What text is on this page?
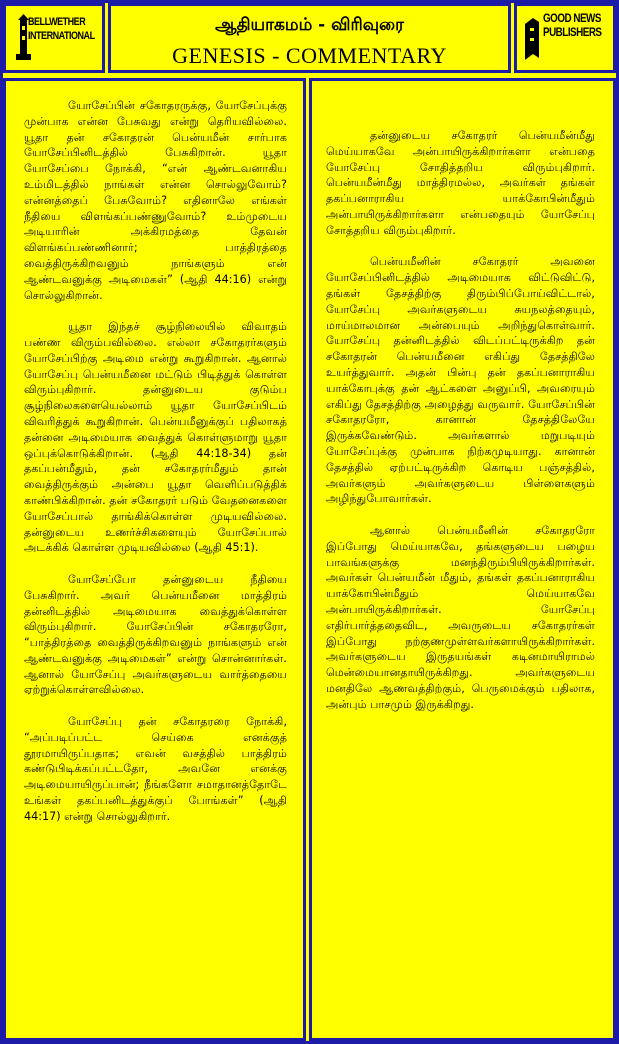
BELLWETHER
INTERNATIONAL
ஆதியாகமம் - விரிவுரை
GENESIS - COMMENTARY
GOOD NEWS
PUBLISHERS

யோசேப்பின் சகோதரருக்கு, யோசேப்புக்கு முன்பாக என்ன பேசுவது என்று தெரியவில்லை. யூதா தன் சகோதரன் பென்யமீன் சார்பாக யோசேப்பினிடத்தில் பேசுகிறான். யூதா யோசேப்பை நோக்கி, “என் ஆண்டவனாகிய உம்மிடத்தில் நாங்கள் என்ன சொல்லுவோம்? என்னத்தைப் பேசுவோம்? எதினாலே எங்கள் நீதியை விளங்கப்பண்ணுவோம்? உம்முடைய அடியாரின் அக்கிரமத்தை தேவன் விளங்கப்பண்ணினார்; பாத்திரத்தை வைத்திருக்கிறவனும் நாங்களும் என் ஆண்டவனுக்கு அடிமைகள்” (ஆதி 44:16) என்று சொல்லுகிறான்.

யூதா இந்தச் சூழ்நிலையில் விவாதம் பண்ண விரும்பவில்லை. எல்லா சகோதரர்களும் யோசேப்பிற்கு அடிமை என்று கூறுகிறான். ஆனால் யோசேப்பு பென்யமீனை மட்டும் பிடித்துக் கொள்ள விரும்புகிறார். தன்னுடைய குடும்ப சூழ்நிலைகளையெல்லாம் யூதா யோசேப்பிடம் விவரித்துக் கூறுகிறான். பென்யமீனுக்குப் பதிலாகத் தன்னை அடிமையாக வைத்துக் கொள்ளுமாறு யூதா ஒப்புக்கொடுக்கிறான். (ஆதி 44:18-34) தன் தகப்பன்மீதும், தன் சகோதரர்மீதும் தான் வைத்திருக்கும் அன்பை யூதா வெளிப்படுத்திக் காண்பிக்கிறான். தன் சகோதரர் படும் வேதனைகளை யோசேப்பால் தாங்கிக்கொள்ள முடியவில்லை. தன்னுடைய உணர்ச்சிகளையும் யோசேப்பால் அடக்கிக் கொள்ள முடியவில்லை (ஆதி 45:1).

யோசேப்போ தன்னுடைய நீதியை பேசுகிறார். அவர் பென்யமீனை மாத்திரம் தன்னிடத்தில் அடிமையாக வைத்துக்கொள்ள விரும்புகிறார். யோசேப்பின் சகோதரரோ, “பாத்திரத்தை வைத்திருக்கிறவனும் நாங்களும் என் ஆண்டவனுக்கு அடிமைகள்” என்று சொன்னார்கள். ஆனால் யோசேப்பு அவர்களுடைய வார்த்தையை ஏற்றுக்கொள்ளவில்லை.

யோசேப்பு தன் சகோதரரை நோக்கி, “அப்படிப்பட்ட செய்கை எனக்குத் தூரமாயிருப்பதாக; எவன் வசத்தில் பாத்திரம் கண்டுபிடிக்கப்பட்டதோ, அவனே எனக்கு அடிமையாயிருப்பான்; நீங்களோ சமாதானத்தோடே உங்கள் தகப்பனிடத்துக்குப் போங்கள்” (ஆதி 44:17) என்று சொல்லுகிறார்.

தன்னுடைய சகோதரர் பென்யமீன்மீது மெய்யாகவே அன்பாயிருக்கிறார்களா என்பதை யோசேப்பு சோதித்தறிய விரும்புகிறார். பென்யமீன்மீது மாத்திரமல்ல, அவர்கள் தங்கள் தகப்பனாராகிய யாக்கோபின்மீதும் அன்பாயிருக்கிறார்களா என்பதையும் யோசேப்பு சோத்தறிய விரும்புகிறார்.

பென்யமீனின் சகோதரர் அவனை யோசேப்பினிடத்தில் அடிமையாக விட்டுவிட்டு, தங்கள் தேசத்திற்கு திரும்பிப்போய்விட்டால், யோசேப்பு அவர்களுடைய சுயநலத்தையும், மாய்மாலமான அன்பையும் அறிந்துகொள்வார். யோசேப்பு தன்னிடத்தில் விடப்பட்டிருக்கிற தன் சகோதரன் பென்யமீனை எகிப்து தேசத்திலே உயர்த்துவார். அதன் பின்பு தன் தகப்பனாராகிய யாக்கோபுக்கு தன் ஆட்களை அனுப்பி, அவரையும் எகிப்து தேசத்திற்கு அழைத்து வருவார். யோசேப்பின் சகோதரரோ, கானான் தேசத்திலேயே இருக்கவேண்டும். அவர்களால் மறுபடியும் யோசேப்புக்கு முன்பாக நிற்கமுடியாது. கானான் தேசத்தில் ஏற்பட்டிருக்கிற கொடிய பஞ்சத்தில், அவர்களும் அவர்களுடைய பிள்ளைகளும் அழிந்துபோவார்கள்.

ஆனால் பென்யமீனின் சகோதரரோ இப்போது மெய்யாகவே, தங்களுடைய பழைய பாவங்களுக்கு மனந்திரும்பியிருக்கிறார்கள். அவர்கள் பென்யமீன் மீதும், தங்கள் தகப்பனாராகிய யாக்கோபின்மீதும் மெய்யாகவே அன்பாயிருக்கிறார்கள். யோசேப்பு எதிர்பார்த்ததைவிட, அவருடைய சகோதரர்கள் இப்போது நற்குணமுள்ளவர்களாயிருக்கிறார்கள். அவர்களுடைய இருதயங்கள் கடினமாயிராமல் மென்மையானதாயிருக்கிறது. அவர்களுடைய மனதிலே ஆணவத்திற்கும், பெருமைக்கும் பதிலாக, அன்பும் பாசமும் இருக்கிறது.
